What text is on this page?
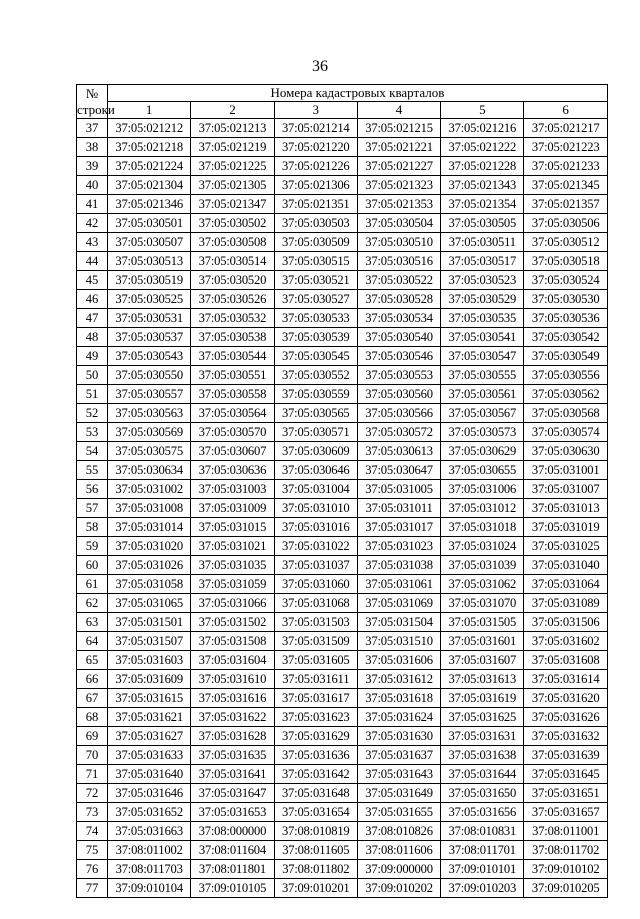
36
№
строки	Номера кадастровых кварталов					
	1	2	3	4	5	6
37	37:05:021212	37:05:021213	37:05:021214	37:05:021215	37:05:021216	37:05:021217
38	37:05:021218	37:05:021219	37:05:021220	37:05:021221	37:05:021222	37:05:021223
39	37:05:021224	37:05:021225	37:05:021226	37:05:021227	37:05:021228	37:05:021233
40	37:05:021304	37:05:021305	37:05:021306	37:05:021323	37:05:021343	37:05:021345
41	37:05:021346	37:05:021347	37:05:021351	37:05:021353	37:05:021354	37:05:021357
42	37:05:030501	37:05:030502	37:05:030503	37:05:030504	37:05:030505	37:05:030506
43	37:05:030507	37:05:030508	37:05:030509	37:05:030510	37:05:030511	37:05:030512
44	37:05:030513	37:05:030514	37:05:030515	37:05:030516	37:05:030517	37:05:030518
45	37:05:030519	37:05:030520	37:05:030521	37:05:030522	37:05:030523	37:05:030524
46	37:05:030525	37:05:030526	37:05:030527	37:05:030528	37:05:030529	37:05:030530
47	37:05:030531	37:05:030532	37:05:030533	37:05:030534	37:05:030535	37:05:030536
48	37:05:030537	37:05:030538	37:05:030539	37:05:030540	37:05:030541	37:05:030542
49	37:05:030543	37:05:030544	37:05:030545	37:05:030546	37:05:030547	37:05:030549
50	37:05:030550	37:05:030551	37:05:030552	37:05:030553	37:05:030555	37:05:030556
51	37:05:030557	37:05:030558	37:05:030559	37:05:030560	37:05:030561	37:05:030562
52	37:05:030563	37:05:030564	37:05:030565	37:05:030566	37:05:030567	37:05:030568
53	37:05:030569	37:05:030570	37:05:030571	37:05:030572	37:05:030573	37:05:030574
54	37:05:030575	37:05:030607	37:05:030609	37:05:030613	37:05:030629	37:05:030630
55	37:05:030634	37:05:030636	37:05:030646	37:05:030647	37:05:030655	37:05:031001
56	37:05:031002	37:05:031003	37:05:031004	37:05:031005	37:05:031006	37:05:031007
57	37:05:031008	37:05:031009	37:05:031010	37:05:031011	37:05:031012	37:05:031013
58	37:05:031014	37:05:031015	37:05:031016	37:05:031017	37:05:031018	37:05:031019
59	37:05:031020	37:05:031021	37:05:031022	37:05:031023	37:05:031024	37:05:031025
60	37:05:031026	37:05:031035	37:05:031037	37:05:031038	37:05:031039	37:05:031040
61	37:05:031058	37:05:031059	37:05:031060	37:05:031061	37:05:031062	37:05:031064
62	37:05:031065	37:05:031066	37:05:031068	37:05:031069	37:05:031070	37:05:031089
63	37:05:031501	37:05:031502	37:05:031503	37:05:031504	37:05:031505	37:05:031506
64	37:05:031507	37:05:031508	37:05:031509	37:05:031510	37:05:031601	37:05:031602
65	37:05:031603	37:05:031604	37:05:031605	37:05:031606	37:05:031607	37:05:031608
66	37:05:031609	37:05:031610	37:05:031611	37:05:031612	37:05:031613	37:05:031614
67	37:05:031615	37:05:031616	37:05:031617	37:05:031618	37:05:031619	37:05:031620
68	37:05:031621	37:05:031622	37:05:031623	37:05:031624	37:05:031625	37:05:031626
69	37:05:031627	37:05:031628	37:05:031629	37:05:031630	37:05:031631	37:05:031632
70	37:05:031633	37:05:031635	37:05:031636	37:05:031637	37:05:031638	37:05:031639
71	37:05:031640	37:05:031641	37:05:031642	37:05:031643	37:05:031644	37:05:031645
72	37:05:031646	37:05:031647	37:05:031648	37:05:031649	37:05:031650	37:05:031651
73	37:05:031652	37:05:031653	37:05:031654	37:05:031655	37:05:031656	37:05:031657
74	37:05:031663	37:08:000000	37:08:010819	37:08:010826	37:08:010831	37:08:011001
75	37:08:011002	37:08:011604	37:08:011605	37:08:011606	37:08:011701	37:08:011702
76	37:08:011703	37:08:011801	37:08:011802	37:09:000000	37:09:010101	37:09:010102
77	37:09:010104	37:09:010105	37:09:010201	37:09:010202	37:09:010203	37:09:010205
